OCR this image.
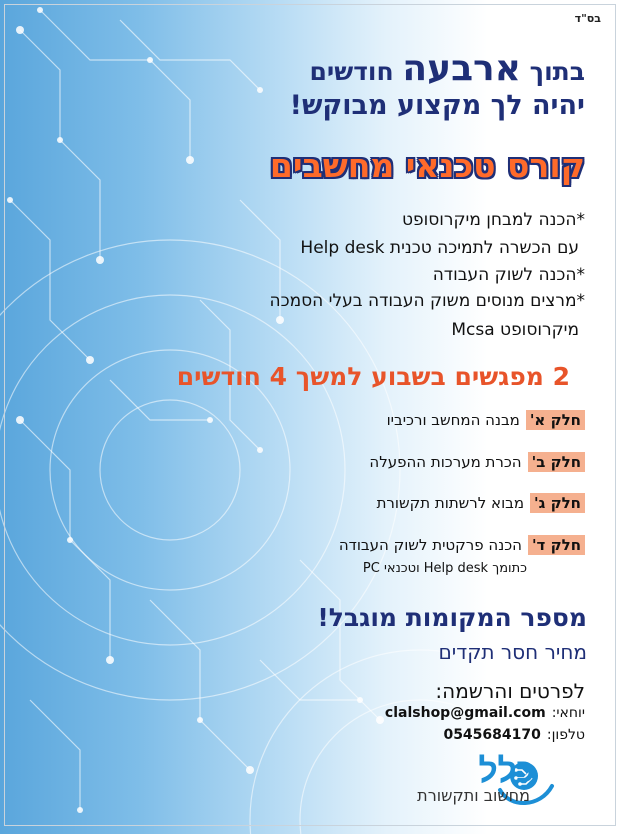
בס"ד
בתוך ארבעה חודשים
יהיה לך מקצוע מבוקש!
קורס טכנאי מחשבים
*הכנה למבחן מיקרוסופט
עם הכשרה לתמיכה טכנית Help desk
*הכנה לשוק העבודה
*מרצים מנוסים משוק העבודה בעלי הסמכה
מיקרוסופט Mcsa
2 מפגשים בשבוע למשך 4 חודשים
חלק א'מבנה המחשב ורכיביו
חלק ב'הכרת מערכות ההפעלה
חלק ג'מבוא לרשתות תקשורת
חלק ד'הכנה פרקטית לשוק העבודה
כתומך Help desk וטכנאי PC
מספר המקומות מוגבל!
מחיר חסר תקדים
לפרטים והרשמה:
יוחאי:clalshop@gmail.com
טלפון:0545684170
כלל
מחשוב ותקשורת
